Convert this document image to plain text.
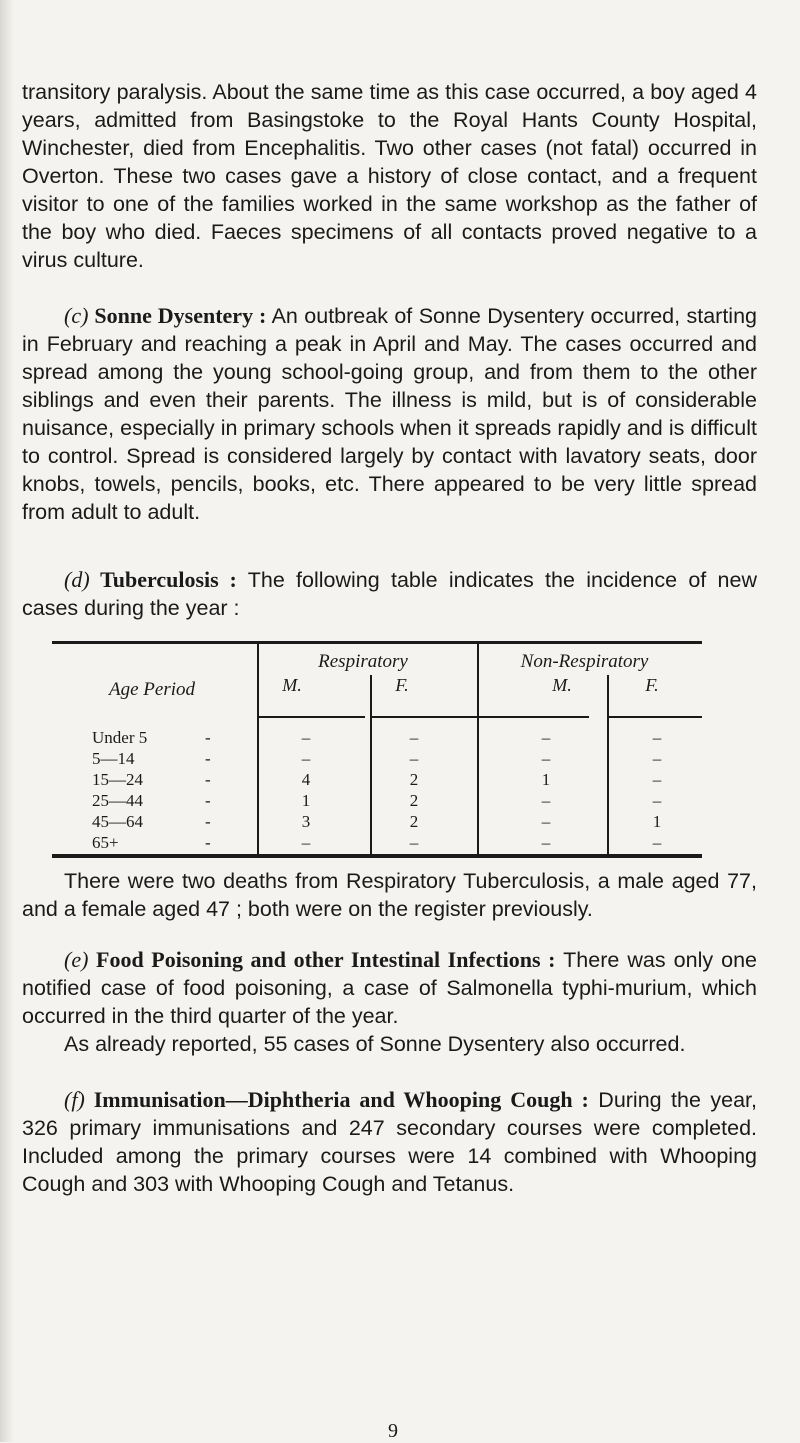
transitory paralysis. About the same time as this case occurred, a boy aged 4 years, admitted from Basingstoke to the Royal Hants County Hospital, Winchester, died from Encephalitis. Two other cases (not fatal) occurred in Overton. These two cases gave a history of close contact, and a frequent visitor to one of the families worked in the same workshop as the father of the boy who died. Faeces specimens of all contacts proved negative to a virus culture.

(c) Sonne Dysentery : An outbreak of Sonne Dysentery occurred, starting in February and reaching a peak in April and May. The cases occurred and spread among the young school-going group, and from them to the other siblings and even their parents. The illness is mild, but is of considerable nuisance, especially in primary schools when it spreads rapidly and is difficult to control. Spread is considered largely by contact with lavatory seats, door knobs, towels, pencils, books, etc. There appeared to be very little spread from adult to adult.

(d) Tuberculosis : The following table indicates the incidence of new cases during the year :

Age Period
Respiratory	Non-Respiratory
M.	F.	M.	F.
Under 5	-	–	–	–	–
5—14	-	–	–	–	–
15—24	-	4	2	1	–
25—44	-	1	2	–	–
45—64	-	3	2	–	1
65+	-	–	–	–	–

There were two deaths from Respiratory Tuberculosis, a male aged 77, and a female aged 47 ; both were on the register previously.

(e) Food Poisoning and other Intestinal Infections : There was only one notified case of food poisoning, a case of Salmonella typhi-murium, which occurred in the third quarter of the year.

As already reported, 55 cases of Sonne Dysentery also occurred.

(f) Immunisation—Diphtheria and Whooping Cough : During the year, 326 primary immunisations and 247 secondary courses were completed. Included among the primary courses were 14 combined with Whooping Cough and 303 with Whooping Cough and Tetanus.

9
